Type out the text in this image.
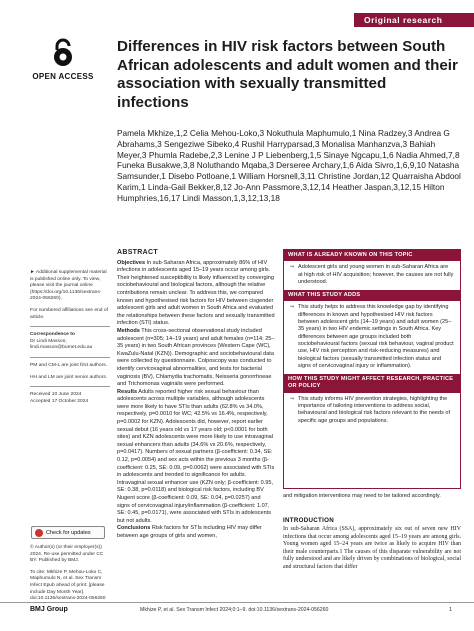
Original research
OPEN ACCESS
Differences in HIV risk factors between South African adolescents and adult women and their association with sexually transmitted infections
Pamela Mkhize,1,2 Celia Mehou-Loko,3 Nokuthula Maphumulo,1 Nina Radzey,3 Andrea G Abrahams,3 Sengeziwe Sibeko,4 Rushil Harryparsad,3 Monalisa Manhanzva,3 Bahiah Meyer,3 Phumla Radebe,2,3 Lenine J P Liebenberg,1,5 Sinaye Ngcapu,1,6 Nadia Ahmed,7,8 Funeka Busakwe,3,8 Noluthando Mqaba,3 Derseree Archary,1,6 Aida Sivro,1,6,9,10 Natasha Samsunder,1 Disebo Potloane,1 William Horsnell,3,11 Christine Jordan,12 Quarraisha Abdool Karim,1 Linda-Gail Bekker,8,12 Jo-Ann Passmore,3,12,14 Heather Jaspan,3,12,15 Hilton Humphries,16,17 Lindi Masson,1,3,12,13,18

► Additional supplemental material is published online only. To view, please visit the journal online (https://doi.org/10.1136/sextrans-2024-056260).

For numbered affiliations see end of article.

Correspondence to
Dr Lindi Masson; lindi.masson@burnet.edu.au

PM and CM-L are joint first authors.

HH and LM are joint senior authors.

Received 10 June 2024
Accepted 17 October 2024

Check for updates

© Author(s) (or their employer(s)) 2024. Re-use permitted under CC BY. Published by BMJ.

To cite: Mkhize P, Mehou-Loko C, Maphumulo N, et al. Sex Transm Infect Epub ahead of print: [please include Day Month Year]. doi:10.1136/sextrans-2024-056260

ABSTRACT

Objectives In sub-Saharan Africa, approximately 86% of HIV infections in adolescents aged 15–19 years occur among girls. Their heightened susceptibility is likely influenced by converging sociobehavioural and biological factors, although the relative contributions remain unclear. To address this, we compared known and hypothesised risk factors for HIV between cisgender adolescent girls and adult women in South Africa and evaluated the relationships between these factors and sexually transmitted infection (STI) status.

Methods This cross-sectional observational study included adolescent (n=305; 14–19 years) and adult females (n=114; 25–35 years) in two South African provinces (Western Cape (WC), KwaZulu-Natal (KZN)). Demographic and sociobehavioural data were collected by questionnaire. Colposcopy was conducted to identify cervicovaginal abnormalities, and tests for bacterial vaginosis (BV), Chlamydia trachomatis, Neisseria gonorrhoeae and Trichomonas vaginalis were performed.

Results Adults reported higher risk sexual behaviour than adolescents across multiple variables, although adolescents were more likely to have STIs than adults (62.8% vs 34.0%, respectively, p=0.0010 for WC; 42.5% vs 16.4%, respectively, p=0.0002 for KZN). Adolescents did, however, report earlier sexual debut (16 years old vs 17 years old; p<0.0001 for both sites) and KZN adolescents were more likely to use intravaginal sexual enhancers than adults (34.6% vs 20.6%, respectively, p=0.0417). Numbers of sexual partners (β-coefficient: 0.34, SE: 0.12, p=0.0054) and sex acts within the previous 3 months (β-coefficient: 0.25, SE: 0.09, p=0.0062) were associated with STIs in adolescents and trended to significance for adults. Intravaginal sexual enhancer use (KZN only; β-coefficient: 0.95, SE: 0.38, p=0.0118) and biological risk factors, including BV Nugent score (β-coefficient: 0.09, SE: 0.04, p=0.0257) and signs of cervicovaginal injury/inflammation (β-coefficient: 1.07, SE: 0.45, p=0.0171), were associated with STIs in adolescents but not adults.

Conclusions Risk factors for STIs including HIV may differ between age groups of girls and women,

WHAT IS ALREADY KNOWN ON THIS TOPIC
⇒ Adolescent girls and young women in sub-Saharan Africa are at high risk of HIV acquisition; however, the causes are not fully understood.
WHAT THIS STUDY ADDS
⇒ This study helps to address this knowledge gap by identifying differences in known and hypothesised HIV risk factors between adolescent girls (14–19 years) and adult women (25–35 years) in two HIV endemic settings in South Africa. Key differences between age groups included both sociobehavioural factors (sexual risk behaviour, vaginal product use, HIV risk perception and risk-reducing measures) and biological factors (sexually transmitted infection status and signs of cervicovaginal injury or inflammation).
HOW THIS STUDY MIGHT AFFECT RESEARCH, PRACTICE OR POLICY
⇒ This study informs HIV prevention strategies, highlighting the importance of tailoring interventions to address social, behavioural and biological risk factors relevant to the needs of specific age groups and populations.

and mitigation interventions may need to be tailored accordingly.

INTRODUCTION

In sub-Saharan Africa (SSA), approximately six out of seven new HIV infections that occur among adolescents aged 15–19 years are among girls. Young women aged 15–24 years are twice as likely to acquire HIV than their male counterparts.1 The causes of this disparate vulnerability are not fully understood and are likely driven by combinations of biological, social and structural factors that differ

BMJ Group	Mkhize P, et al. Sex Transm Infect 2024;0:1–9. doi:10.1136/sextrans-2024-056260	1
